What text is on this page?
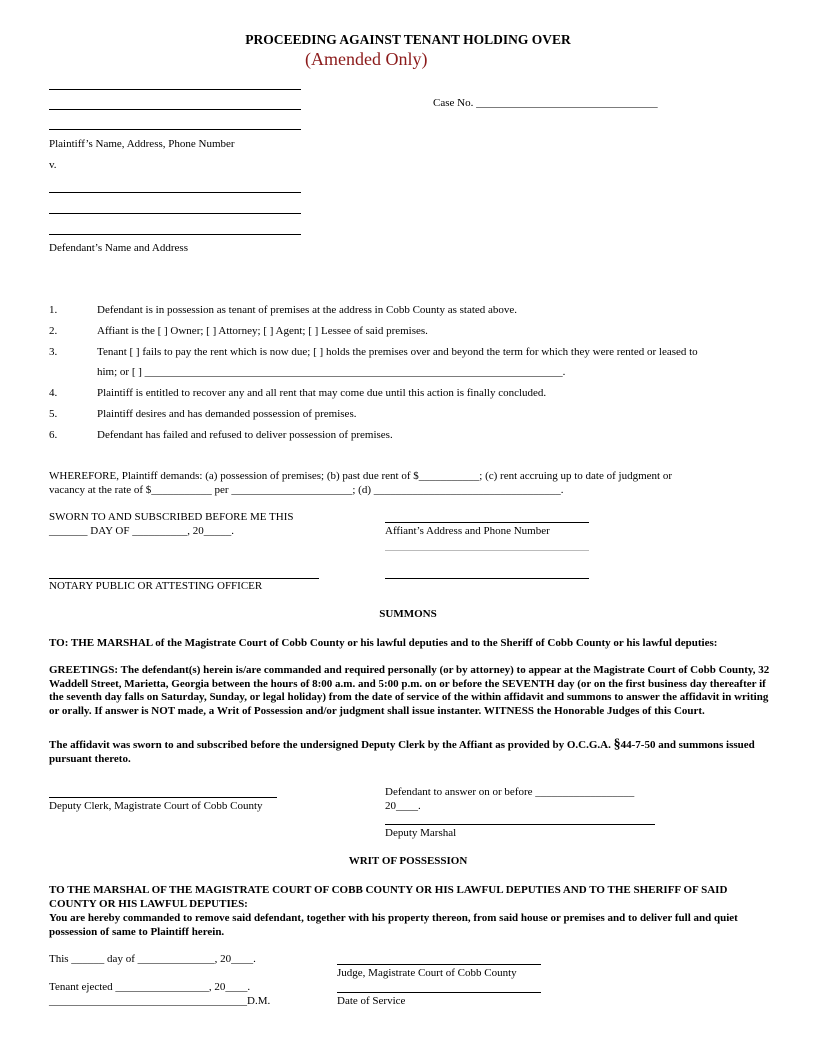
PROCEEDING AGAINST TENANT HOLDING OVER
(Amended Only)
Case No. _________________________________
Plaintiff’s Name, Address, Phone Number
v.
Defendant’s Name and Address
1.	Defendant is in possession as tenant of premises at the address in Cobb County as stated above.
2.	Affiant is the [ ] Owner; [ ] Attorney; [ ] Agent; [ ] Lessee of said premises.
3.	Tenant [ ] fails to pay the rent which is now due; [ ] holds the premises over and beyond the term for which they were rented or leased to
him; or [ ] ____________________________________________________________________________.
4.	Plaintiff is entitled to recover any and all rent that may come due until this action is finally concluded.
5.	Plaintiff desires and has demanded possession of premises.
6.	Defendant has failed and refused to deliver possession of premises.
WHEREFORE, Plaintiff demands: (a) possession of premises; (b) past due rent of $___________; (c) rent accruing up to date of judgment or
vacancy at the rate of $___________ per ______________________; (d) __________________________________.
SWORN TO AND SUBSCRIBED BEFORE ME THIS
_______ DAY OF __________, 20_____.	Affiant’s Address and Phone Number
NOTARY PUBLIC OR ATTESTING OFFICER
SUMMONS
TO: THE MARSHAL of the Magistrate Court of Cobb County or his lawful deputies and to the Sheriff of Cobb County or his lawful deputies:
GREETINGS: The defendant(s) herein is/are commanded and required personally (or by attorney) to appear at the Magistrate Court of Cobb County, 32 Waddell Street, Marietta, Georgia between the hours of 8:00 a.m. and 5:00 p.m. on or before the SEVENTH day (or on the first business day thereafter if the seventh day falls on Saturday, Sunday, or legal holiday) from the date of service of the within affidavit and summons to answer the affidavit in writing or orally. If answer is NOT made, a Writ of Possession and/or judgment shall issue instanter. WITNESS the Honorable Judges of this Court.
The affidavit was sworn to and subscribed before the undersigned Deputy Clerk by the Affiant as provided by O.C.G.A. §44-7-50 and summons issued pursuant thereto.
Defendant to answer on or before __________________
20____.
Deputy Clerk, Magistrate Court of Cobb County
Deputy Marshal
WRIT OF POSSESSION
TO THE MARSHAL OF THE MAGISTRATE COURT OF COBB COUNTY OR HIS LAWFUL DEPUTIES AND TO THE SHERIFF OF SAID COUNTY OR HIS LAWFUL DEPUTIES:
You are hereby commanded to remove said defendant, together with his property thereon, from said house or premises and to deliver full and quiet possession of same to Plaintiff herein.
This ______ day of ______________, 20____.
Judge, Magistrate Court of Cobb County
Tenant ejected _________________, 20____.
____________________________________D.M.	Date of Service
